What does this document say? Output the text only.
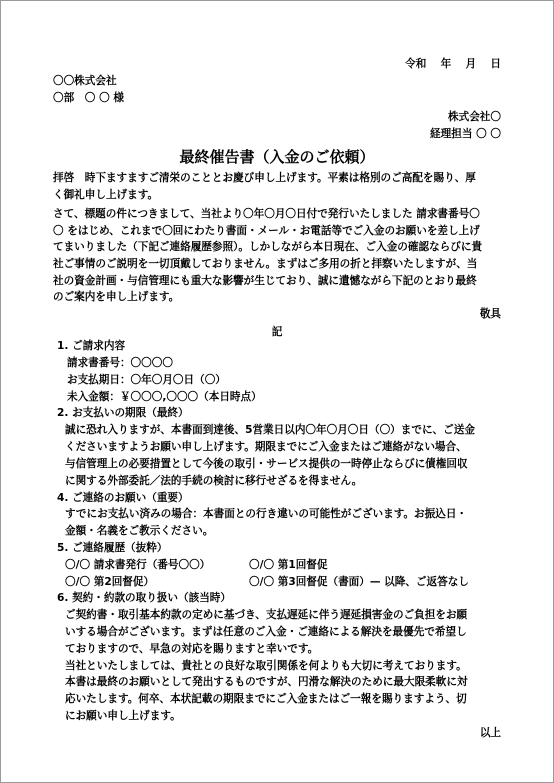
令和　 年　 月　 日
〇〇株式会社
〇部　〇 〇 様
株式会社〇
経理担当 〇 〇
最終催告書（入金のご依頼）
拝啓　時下ますますご清栄のこととお慶び申し上げます。平素は格別のご高配を賜り、厚
く御礼申し上げます。
さて、標題の件につきまして、当社より〇年〇月〇日付で発行いたしました 請求書番号〇
〇 をはじめ、これまで〇回にわたり書面・メール・お電話等でご入金のお願いを差し上げ
てまいりました（下記ご連絡履歴参照）。しかしながら本日現在、ご入金の確認ならびに貴
社ご事情のご説明を一切頂戴しておりません。まずはご多用の折と拝察いたしますが、当
社の資金計画・与信管理にも重大な影響が生じており、誠に遺憾ながら下記のとおり最終
のご案内を申し上げます。
敬具
記
1. ご請求内容
請求書番号：〇〇〇〇
お支払期日：〇年〇月〇日（〇）
未入金額：￥〇〇〇,〇〇〇（本日時点）
2. お支払いの期限（最終）
誠に恐れ入りますが、本書面到達後、5営業日以内〇年〇月〇日（〇）までに、ご送金
くださいますようお願い申し上げます。期限までにご入金またはご連絡がない場合、
与信管理上の必要措置として今後の取引・サービス提供の一時停止ならびに債権回収
に関する外部委託／法的手続の検討に移行せざるを得ません。
4. ご連絡のお願い（重要）
すでにお支払い済みの場合：本書面との行き違いの可能性がございます。お振込日・
金額・名義をご教示ください。
5. ご連絡履歴（抜粋）
〇/〇 請求書発行（番号〇〇）	〇/〇 第1回督促
〇/〇 第2回督促）	〇/〇 第3回督促（書面）— 以降、ご返答なし
6. 契約・約款の取り扱い（該当時）
ご契約書・取引基本約款の定めに基づき、支払遅延に伴う遅延損害金のご負担をお願
いする場合がございます。まずは任意のご入金・ご連絡による解決を最優先で希望し
ておりますので、早急の対応を賜りますと幸いです。
当社といたしましては、貴社との良好な取引関係を何よりも大切に考えております。
本書は最終のお願いとして発出するものですが、円滑な解決のために最大限柔軟に対
応いたします。何卒、本状記載の期限までにご入金またはご一報を賜りますよう、切
にお願い申し上げます。
以上
